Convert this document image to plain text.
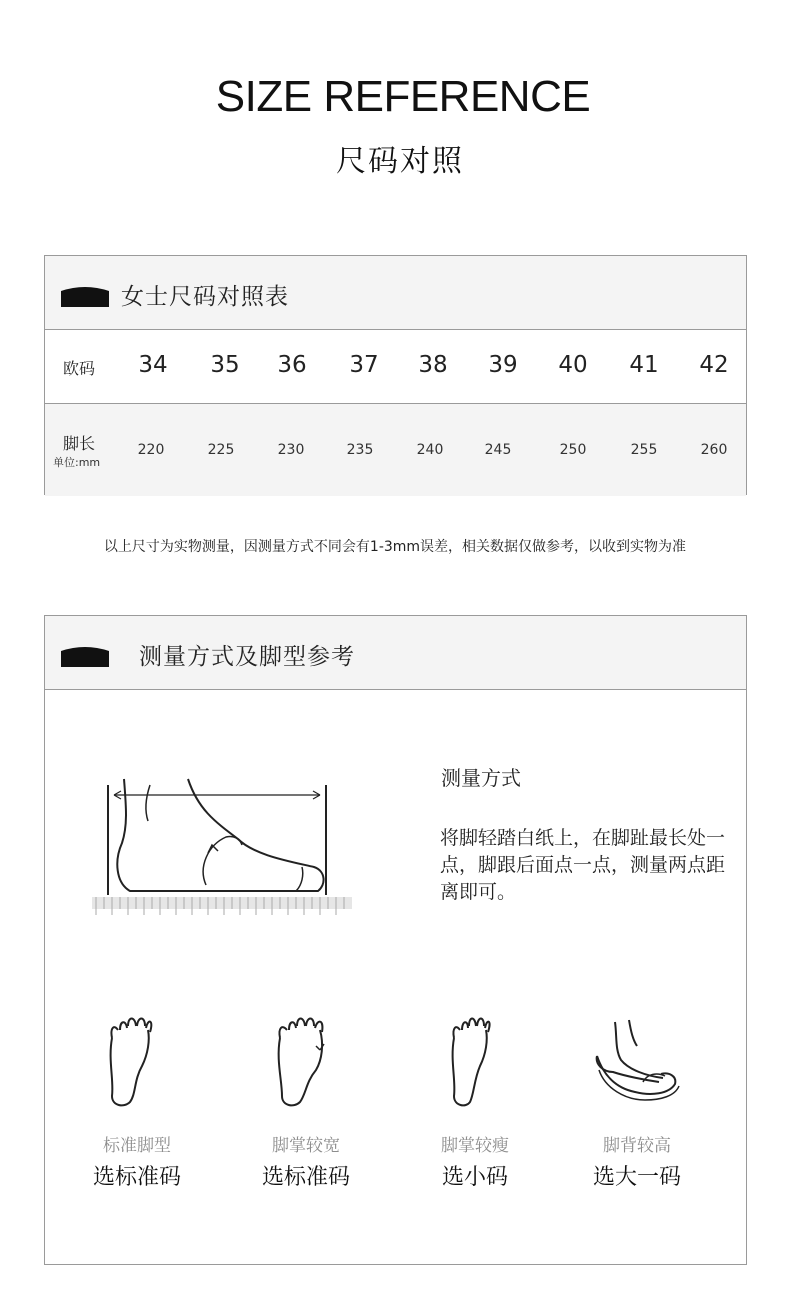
SIZE REFERENCE
尺码对照
女士尺码对照表
欧码 34 35 36 37 38 39 40 41 42
脚长
单位:mm
220	225	230	235	240	245	250	255	260
以上尺寸为实物测量，因测量方式不同会有1-3mm误差，相关数据仅做参考，以收到实物为准
测量方式及脚型参考
测量方式
将脚轻踏白纸上，在脚趾最长处一点，脚跟后面点一点，测量两点距离即可。
标准脚型
选标准码
脚掌较宽
选标准码
脚掌较瘦
选小码
脚背较高
选大一码
